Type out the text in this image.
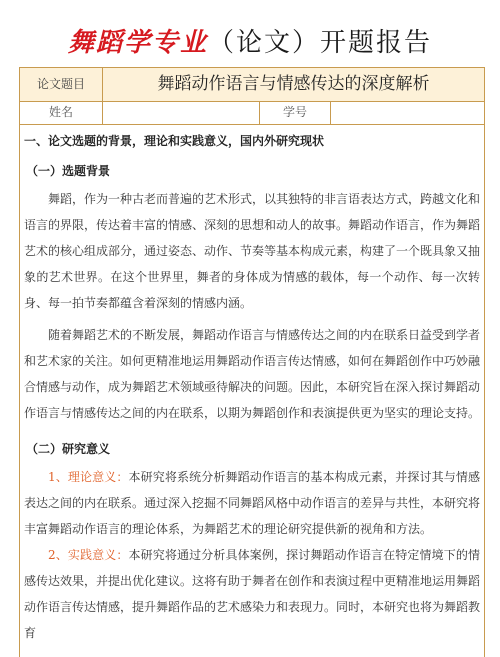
舞蹈学专业（论文）开题报告
论文题目	舞蹈动作语言与情感传达的深度解析
姓名	学号
一、论文选题的背景，理论和实践意义，国内外研究现状
（一）选题背景

舞蹈，作为一种古老而普遍的艺术形式，以其独特的非言语表达方式，跨越文化和语言的界限，传达着丰富的情感、深刻的思想和动人的故事。舞蹈动作语言，作为舞蹈艺术的核心组成部分，通过姿态、动作、节奏等基本构成元素，构建了一个既具象又抽象的艺术世界。在这个世界里，舞者的身体成为情感的载体，每一个动作、每一次转身、每一拍节奏都蕴含着深刻的情感内涵。

随着舞蹈艺术的不断发展，舞蹈动作语言与情感传达之间的内在联系日益受到学者和艺术家的关注。如何更精准地运用舞蹈动作语言传达情感，如何在舞蹈创作中巧妙融合情感与动作，成为舞蹈艺术领域亟待解决的问题。因此，本研究旨在深入探讨舞蹈动作语言与情感传达之间的内在联系，以期为舞蹈创作和表演提供更为坚实的理论支持。

（二）研究意义

1、理论意义：本研究将系统分析舞蹈动作语言的基本构成元素，并探讨其与情感表达之间的内在联系。通过深入挖掘不同舞蹈风格中动作语言的差异与共性，本研究将丰富舞蹈动作语言的理论体系，为舞蹈艺术的理论研究提供新的视角和方法。

2、实践意义：本研究将通过分析具体案例，探讨舞蹈动作语言在特定情境下的情感传达效果，并提出优化建议。这将有助于舞者在创作和表演过程中更精准地运用舞蹈动作语言传达情感，提升舞蹈作品的艺术感染力和表现力。同时，本研究也将为舞蹈教育
